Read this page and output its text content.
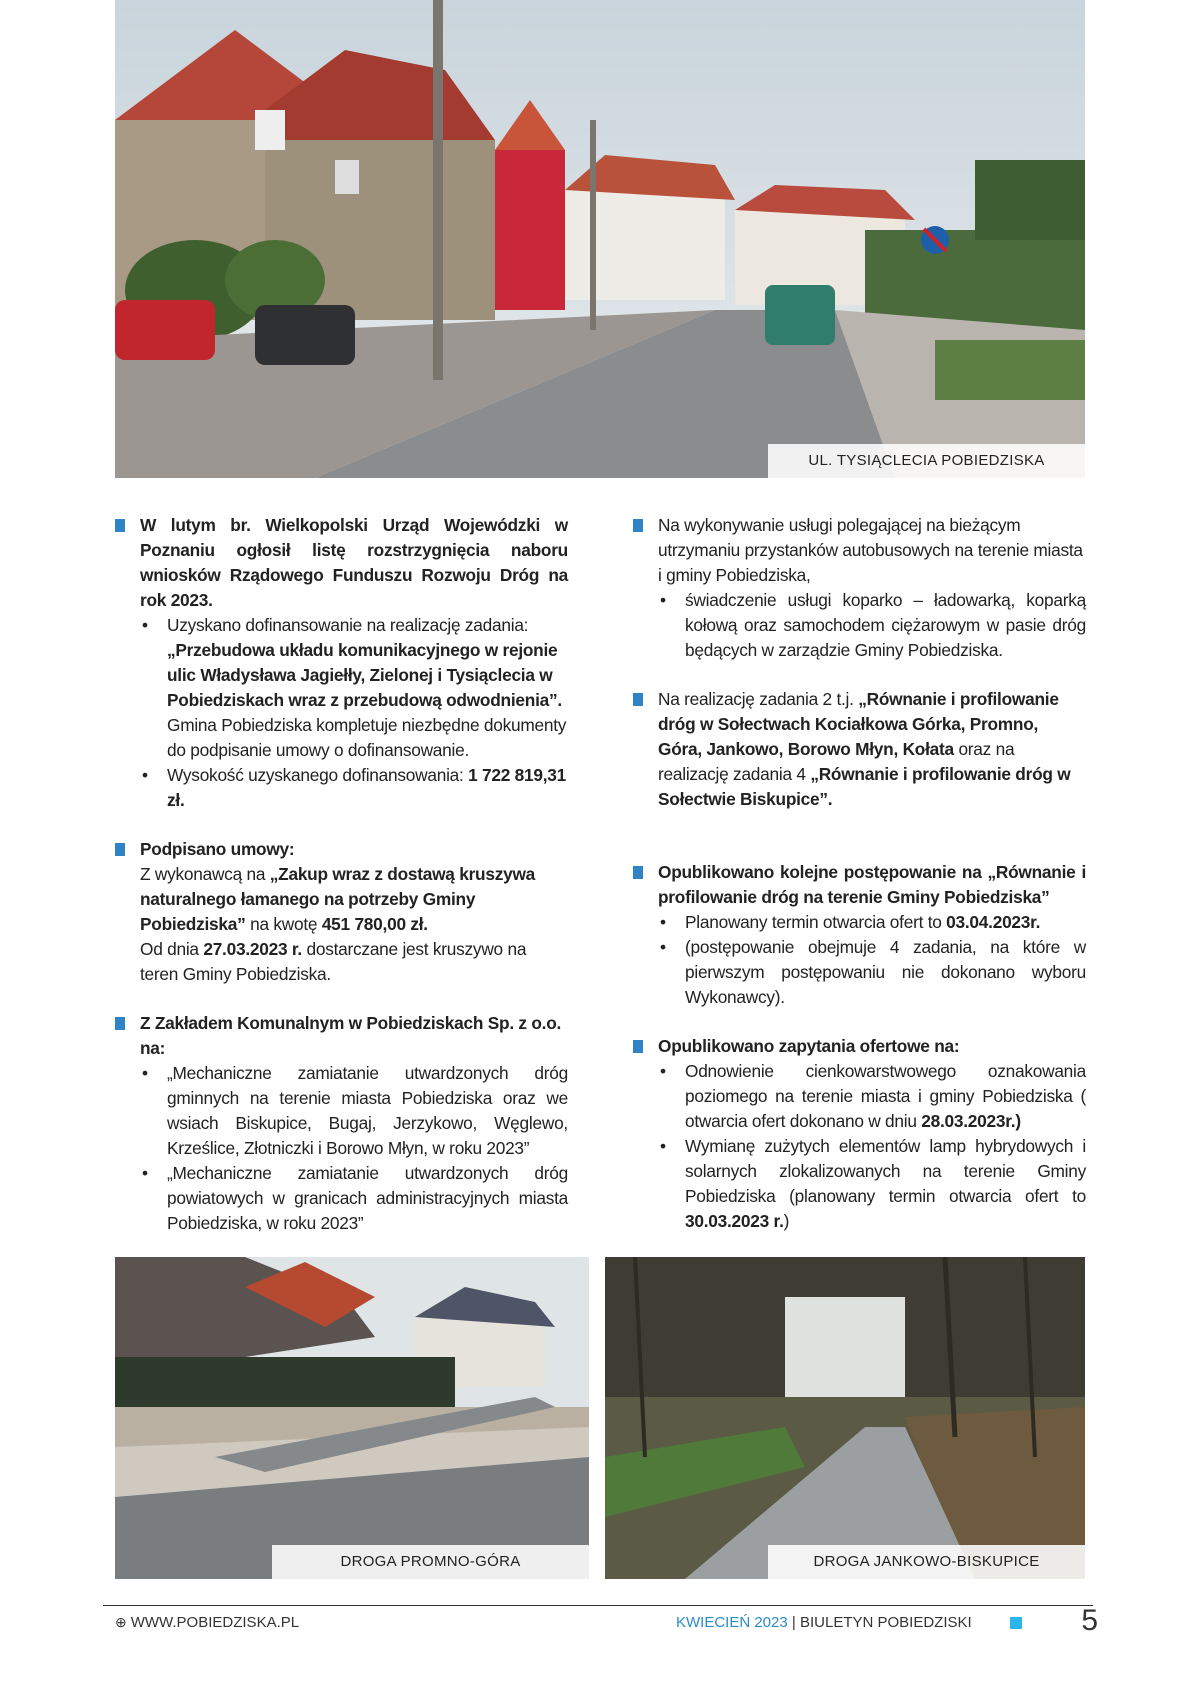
UL. TYSIĄCLECIA POBIEDZISKA
W lutym br. Wielkopolski Urząd Wojewódzki w Poznaniu ogłosił listę rozstrzygnięcia naboru wniosków Rządowego Funduszu Rozwoju Dróg na rok 2023.
• Uzyskano dofinansowanie na realizację zadania: „Przebudowa układu komunikacyjnego w rejonie ulic Władysława Jagiełły, Zielonej i Tysiąclecia w Pobiedziskach wraz z przebudową odwodnienia”. Gmina Pobiedziska kompletuje niezbędne dokumenty do podpisanie umowy o dofinansowanie.
• Wysokość uzyskanego dofinansowania: 1 722 819,31 zł.
Podpisano umowy:
Z wykonawcą na „Zakup wraz z dostawą kruszywa naturalnego łamanego na potrzeby Gminy Pobiedziska” na kwotę 451 780,00 zł.
Od dnia 27.03.2023 r. dostarczane jest kruszywo na teren Gminy Pobiedziska.
Z Zakładem Komunalnym w Pobiedziskach Sp. z o.o. na:
• „Mechaniczne zamiatanie utwardzonych dróg gminnych na terenie miasta Pobiedziska oraz we wsiach Biskupice, Bugaj, Jerzykowo, Węglewo, Krześlice, Złotniczki i Borowo Młyn, w roku 2023”
• „Mechaniczne zamiatanie utwardzonych dróg powiatowych w granicach administracyjnych miasta Pobiedziska, w roku 2023”
Na wykonywanie usługi polegającej na bieżącym utrzymaniu przystanków autobusowych na terenie miasta i gminy Pobiedziska,
• świadczenie usługi koparko – ładowarką, koparką kołową oraz samochodem ciężarowym w pasie dróg będących w zarządzie Gminy Pobiedziska.
Na realizację zadania 2 t.j. „Równanie i profilowanie dróg w Sołectwach Kociałkowa Górka, Promno, Góra, Jankowo, Borowo Młyn, Kołata oraz na realizację zadania 4 „Równanie i profilowanie dróg w Sołectwie Biskupice”.
Opublikowano kolejne postępowanie na „Równanie i profilowanie dróg na terenie Gminy Pobiedziska”
• Planowany termin otwarcia ofert to 03.04.2023r.
• (postępowanie obejmuje 4 zadania, na które w pierwszym postępowaniu nie dokonano wyboru Wykonawcy).
Opublikowano zapytania ofertowe na:
• Odnowienie cienkowarstwowego oznakowania poziomego na terenie miasta i gminy Pobiedziska ( otwarcia ofert dokonano w dniu 28.03.2023r.)
• Wymianę zużytych elementów lamp hybrydowych i solarnych zlokalizowanych na terenie Gminy Pobiedziska (planowany termin otwarcia ofert to 30.03.2023 r.)
DROGA PROMNO-GÓRA	DROGA JANKOWO-BISKUPICE
⊕ WWW.POBIEDZISKA.PL	KWIECIEŃ 2023 | BIULETYN POBIEDZISKI	5
